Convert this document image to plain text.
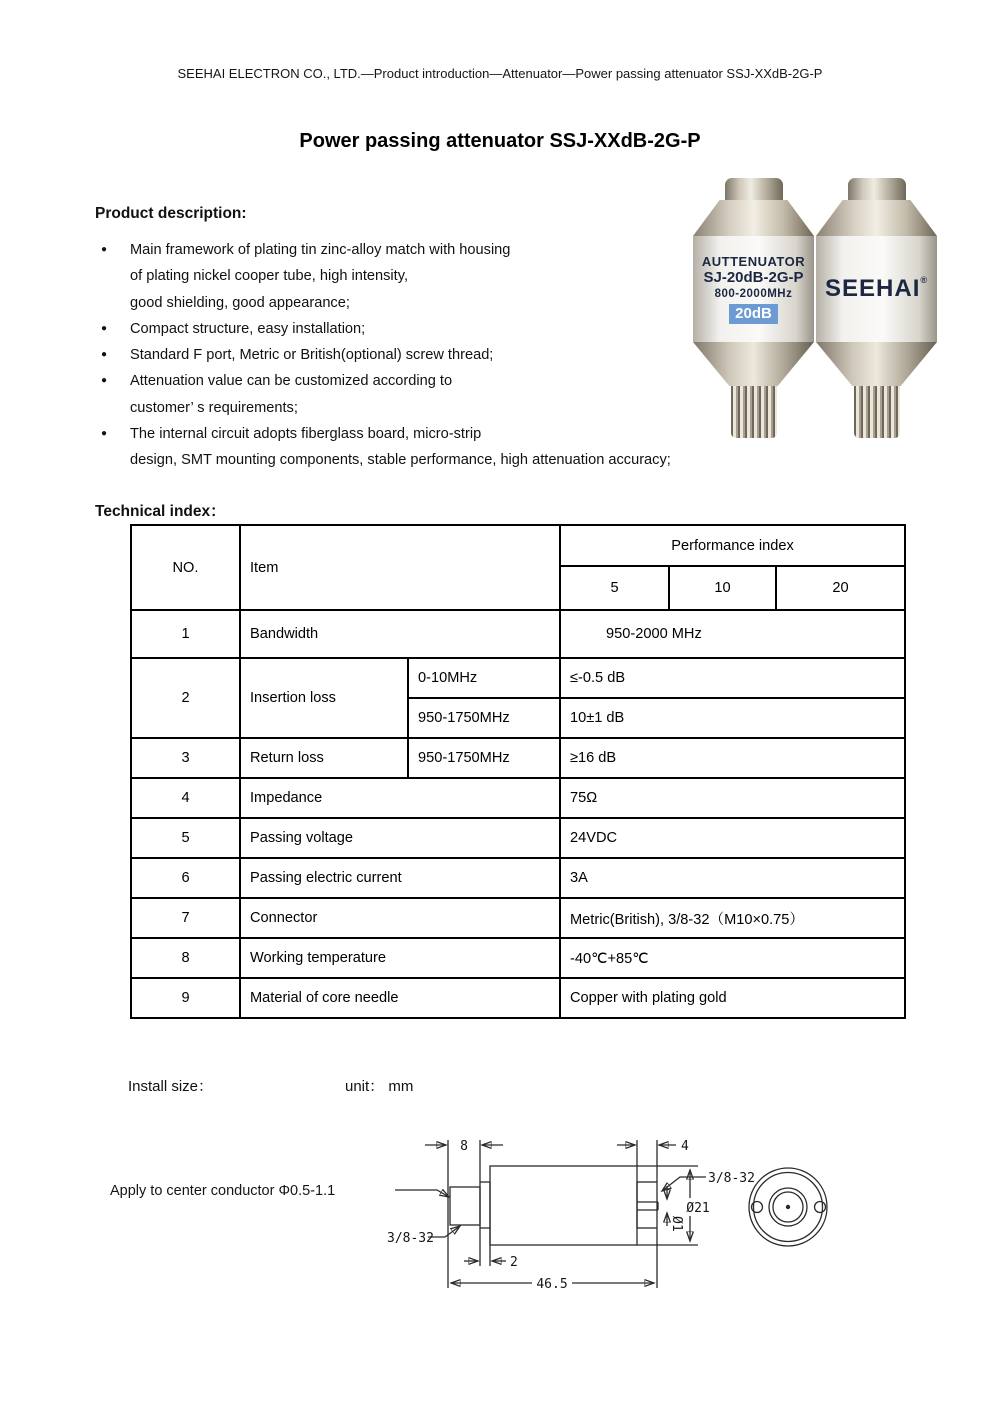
SEEHAI ELECTRON CO., LTD.—Product introduction—Attenuator—Power passing attenuator SSJ-XXdB-2G-P
Power passing attenuator SSJ-XXdB-2G-P
Product description:
● Main framework of plating tin zinc-alloy match with housing
of plating nickel cooper tube, high intensity,
good shielding, good appearance;
● Compact structure, easy installation;
● Standard F port, Metric or British(optional) screw thread;
● Attenuation value can be customized according to
customer’ s requirements;
● The internal circuit adopts fiberglass board, micro-strip
design, SMT mounting components, stable performance, high attenuation accuracy;
AUTTENUATOR
SJ-20dB-2G-P
800-2000MHz
20dB
SEEHAI®
Technical index：
NO.	Item		Performance index		
			5	10	20
1	Bandwidth		950-2000 MHz		
2	Insertion loss	0-10MHz	≤-0.5 dB		
		950-1750MHz	10±1 dB		
3	Return loss	950-1750MHz	≥16 dB		
4	Impedance		75Ω		
5	Passing voltage		24VDC		
6	Passing electric current		3A		
7	Connector		Metric(British), 3/8-32（M10×0.75）		
8	Working temperature		-40℃+85℃		
9	Material of core needle		Copper with plating gold		
Install size：	unit： mm
8	4
2
46.5
Ø21
Ø1
Apply to center conductor Φ0.5-1.1
3/8-32
3/8-32
